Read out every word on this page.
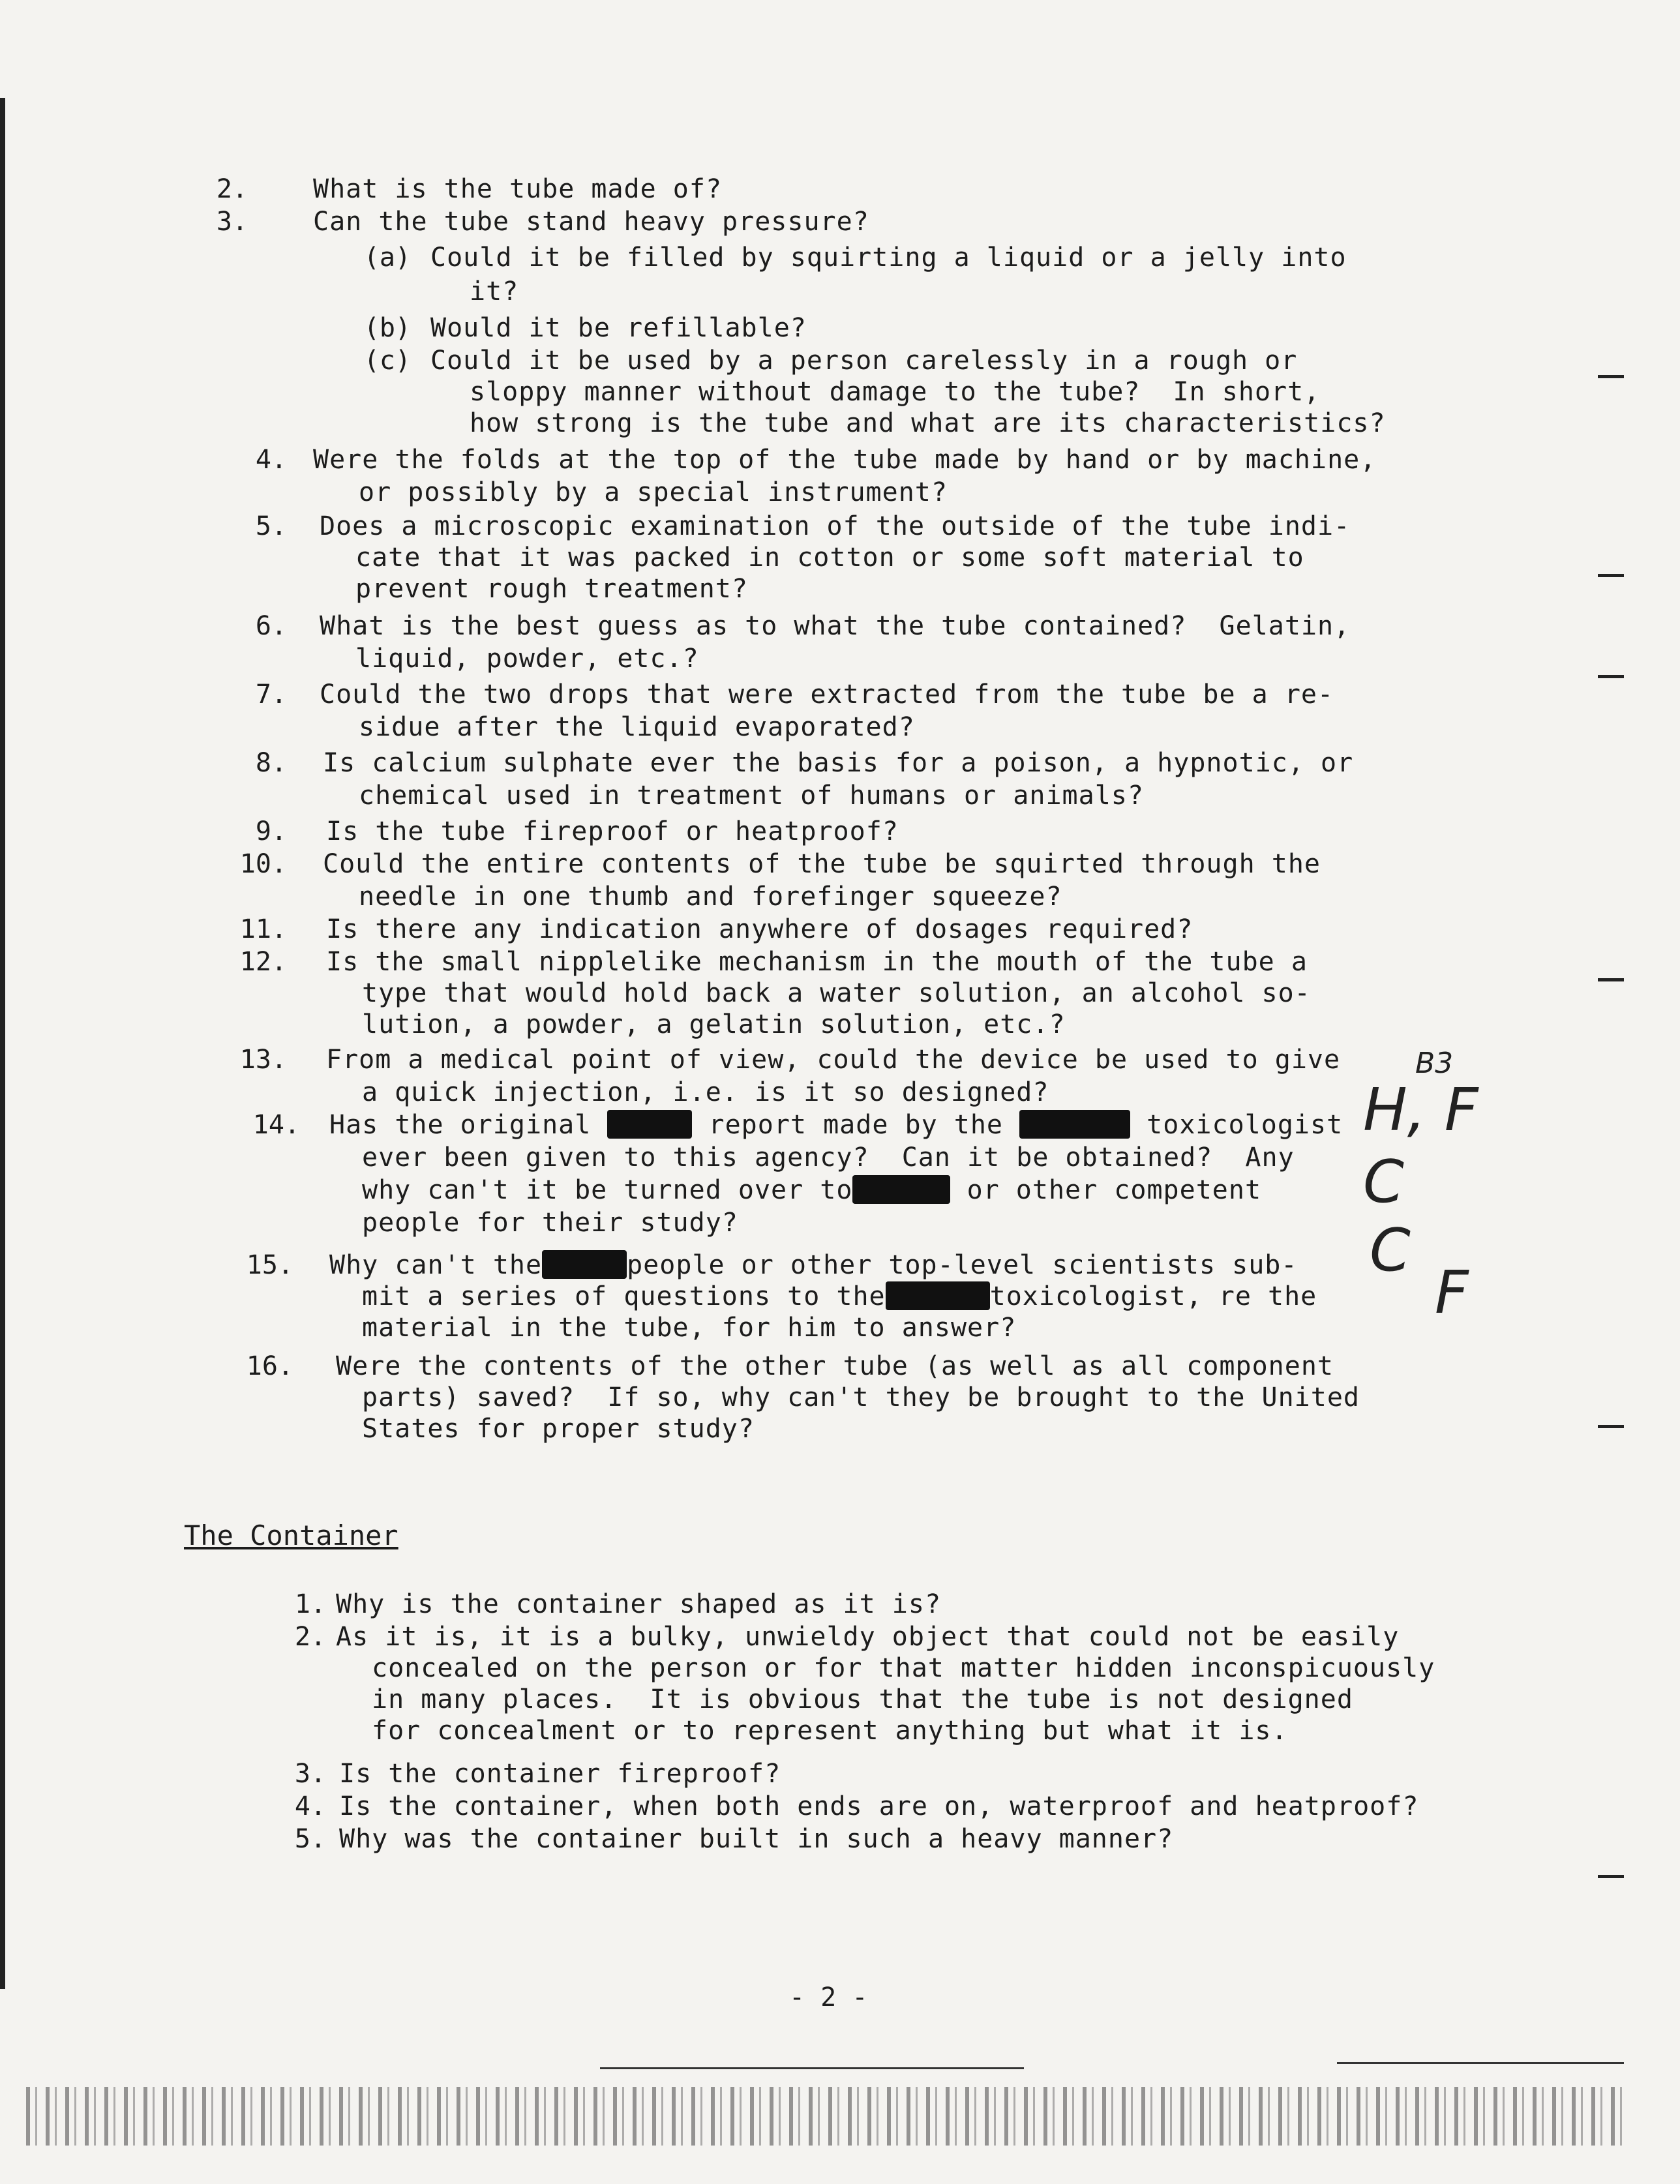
2.	What is the tube made of?
3.	Can the tube stand heavy pressure?
(a) Could it be filled by squirting a liquid or a jelly into
it?
(b) Would it be refillable?
(c) Could it be used by a person carelessly in a rough or
sloppy manner without damage to the tube?  In short,
how strong is the tube and what are its characteristics?
4. Were the folds at the top of the tube made by hand or by machine,
or possibly by a special instrument?
5. Does a microscopic examination of the outside of the tube indi-
cate that it was packed in cotton or some soft material to
prevent rough treatment?
6. What is the best guess as to what the tube contained?  Gelatin,
liquid, powder, etc.?
7. Could the two drops that were extracted from the tube be a re-
sidue after the liquid evaporated?
8. Is calcium sulphate ever the basis for a poison, a hypnotic, or
chemical used in treatment of humans or animals?
9. Is the tube fireproof or heatproof?
10. Could the entire contents of the tube be squirted through the
needle in one thumb and forefinger squeeze?
11. Is there any indication anywhere of dosages required?
12. Is the small nipplelike mechanism in the mouth of the tube a
type that would hold back a water solution, an alcohol so-
lution, a powder, a gelatin solution, etc.?
13. From a medical point of view, could the device be used to give
a quick injection, i.e. is it so designed?
14. Has the original	report made by the	toxicologist
ever been given to this agency?  Can it be obtained?  Any
why can't it be turned over to	or other competent
people for their study?
15. Why can't the	people or other top-level scientists sub-
mit a series of questions to the	toxicologist, re the
material in the tube, for him to answer?
16. Were the contents of the other tube (as well as all component
parts) saved?  If so, why can't they be brought to the United
States for proper study?
The Container
1. Why is the container shaped as it is?
2. As it is, it is a bulky, unwieldy object that could not be easily
concealed on the person or for that matter hidden inconspicuously
in many places.  It is obvious that the tube is not designed
for concealment or to represent anything but what it is.
3. Is the container fireproof?
4. Is the container, when both ends are on, waterproof and heatproof?
5. Why was the container built in such a heavy manner?
H, F
B3
C
C
F
- 2 -
